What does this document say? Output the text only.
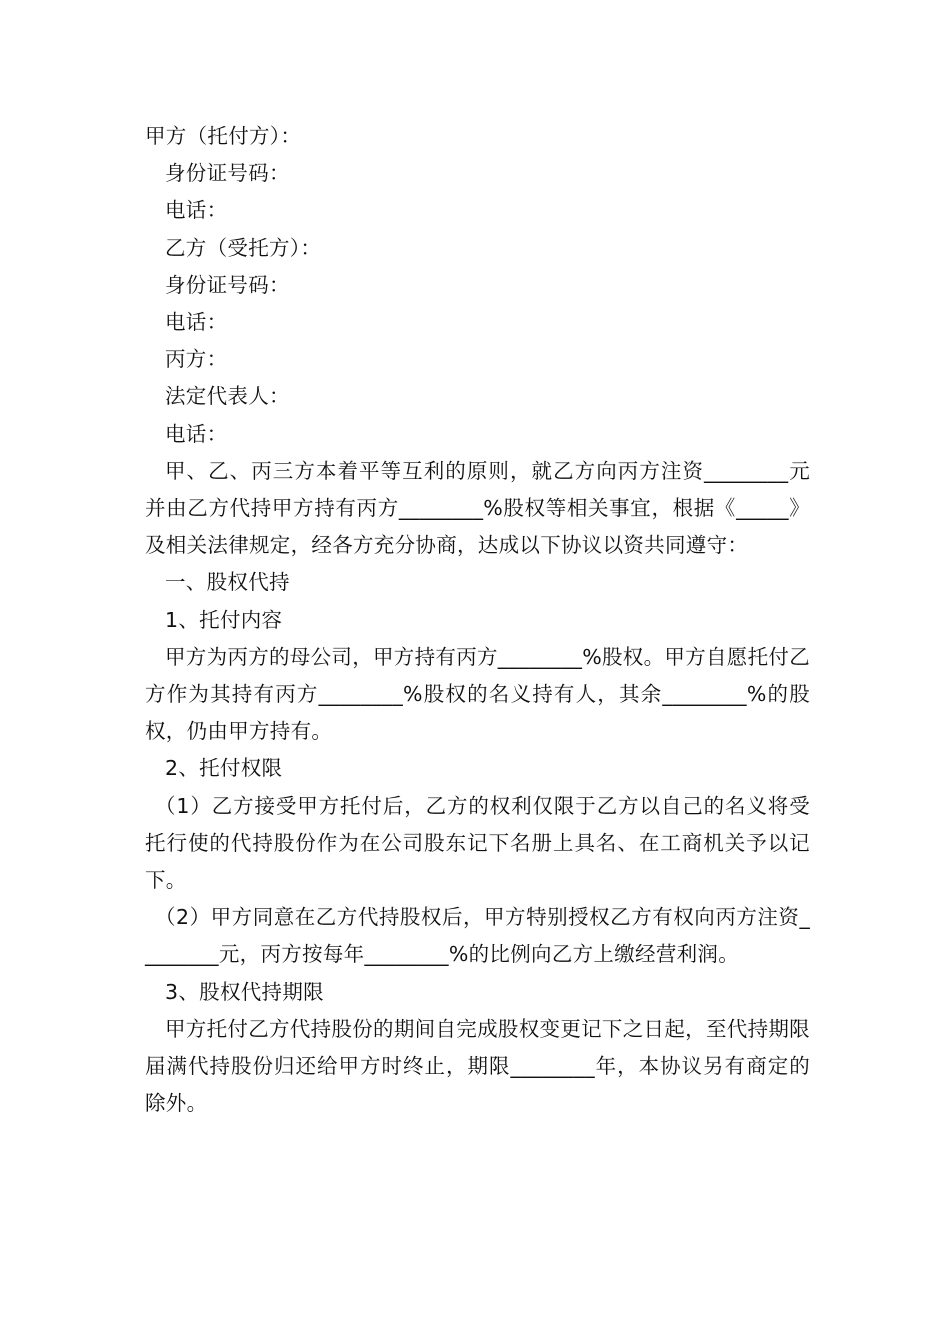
甲方（托付方）：
身份证号码：
电话：
乙方（受托方）：
身份证号码：
电话：
丙方：
法定代表人：
电话：
甲、乙、丙三方本着平等互利的原则，就乙方向丙方注资________元并由乙方代持甲方持有丙方________%股权等相关事宜，根据《_____》及相关法律规定，经各方充分协商，达成以下协议以资共同遵守：
一、股权代持
1、托付内容
甲方为丙方的母公司，甲方持有丙方________%股权。甲方自愿托付乙方作为其持有丙方________%股权的名义持有人，其余________%的股权，仍由甲方持有。
2、托付权限
（1）乙方接受甲方托付后，乙方的权利仅限于乙方以自己的名义将受托行使的代持股份作为在公司股东记下名册上具名、在工商机关予以记下。
（2）甲方同意在乙方代持股权后，甲方特别授权乙方有权向丙方注资________元，丙方按每年________%的比例向乙方上缴经营利润。
3、股权代持期限
甲方托付乙方代持股份的期间自完成股权变更记下之日起，至代持期限届满代持股份归还给甲方时终止，期限________年，本协议另有商定的除外。
